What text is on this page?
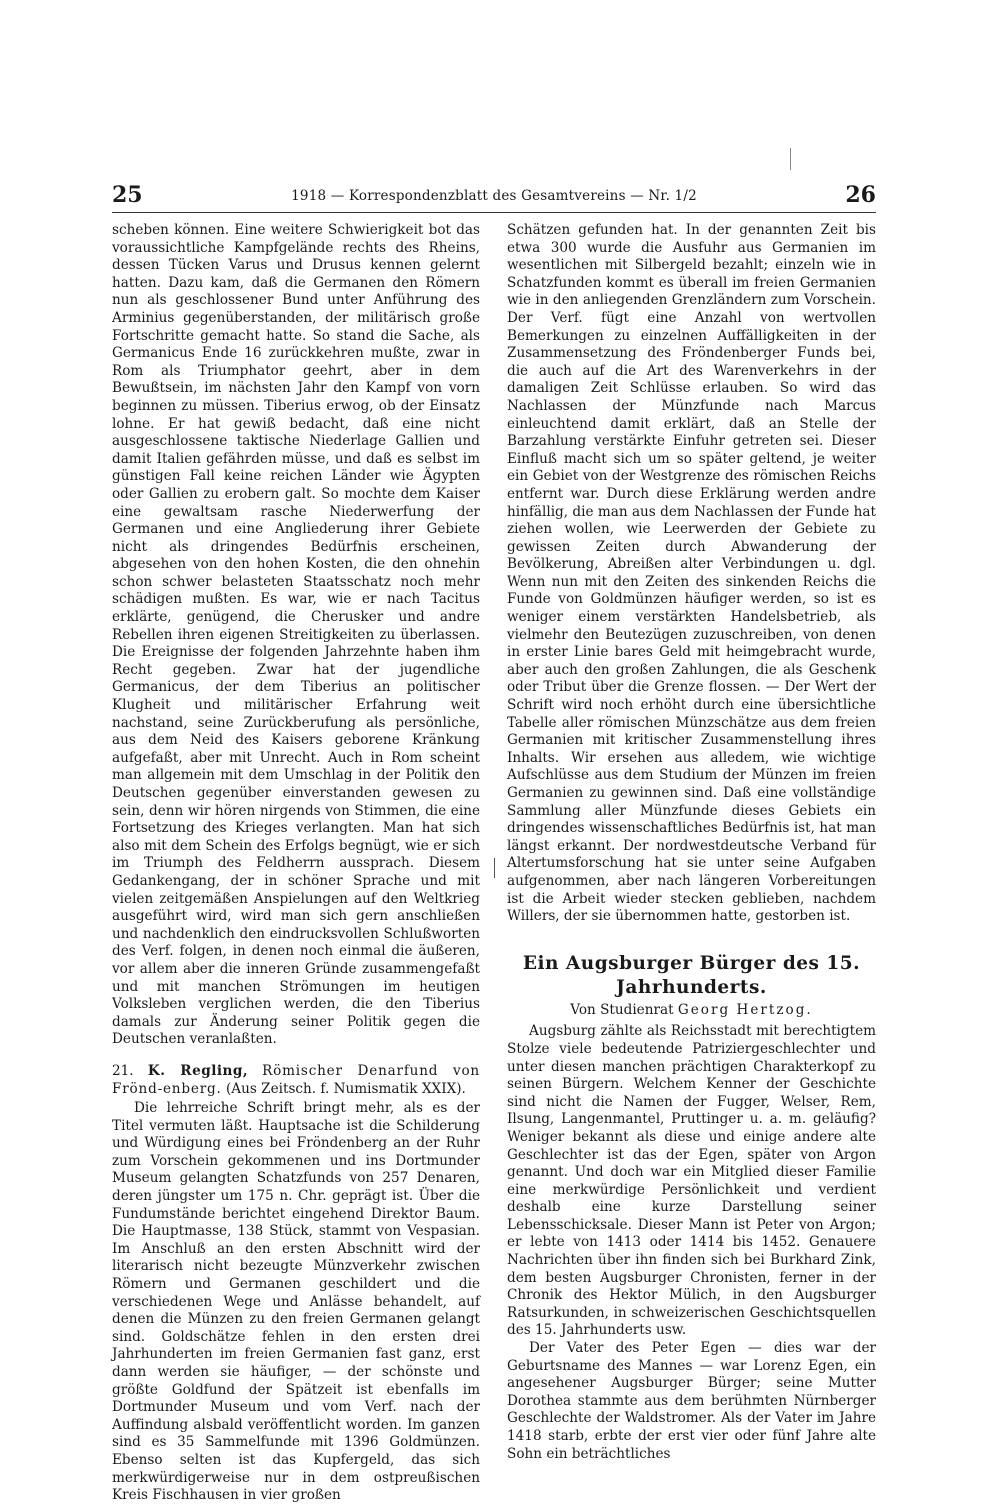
25	1918 — Korrespondenzblatt des Gesamtvereins — Nr. 1/2	26

scheben können. Eine weitere Schwierigkeit bot das voraussichtliche Kampfgelände rechts des Rheins, dessen Tücken Varus und Drusus kennen gelernt hatten. Dazu kam, daß die Germanen den Römern nun als geschlossener Bund unter Anführung des Arminius gegenüberstanden, der militärisch große Fortschritte gemacht hatte. So stand die Sache, als Germanicus Ende 16 zurückkehren mußte, zwar in Rom als Triumphator geehrt, aber in dem Bewußtsein, im nächsten Jahr den Kampf von vorn beginnen zu müssen. Tiberius erwog, ob der Einsatz lohne. Er hat gewiß bedacht, daß eine nicht ausgeschlossene taktische Niederlage Gallien und damit Italien gefährden müsse, und daß es selbst im günstigen Fall keine reichen Länder wie Ägypten oder Gallien zu erobern galt. So mochte dem Kaiser eine gewaltsam rasche Niederwerfung der Germanen und eine Angliederung ihrer Gebiete nicht als dringendes Bedürfnis erscheinen, abgesehen von den hohen Kosten, die den ohnehin schon schwer belasteten Staatsschatz noch mehr schädigen mußten. Es war, wie er nach Tacitus erklärte, genügend, die Cherusker und andre Rebellen ihren eigenen Streitigkeiten zu überlassen. Die Ereignisse der folgenden Jahrzehnte haben ihm Recht gegeben. Zwar hat der jugendliche Germanicus, der dem Tiberius an politischer Klugheit und militärischer Erfahrung weit nachstand, seine Zurückberufung als persönliche, aus dem Neid des Kaisers geborene Kränkung aufgefaßt, aber mit Unrecht. Auch in Rom scheint man allgemein mit dem Umschlag in der Politik den Deutschen gegenüber einverstanden gewesen zu sein, denn wir hören nirgends von Stimmen, die eine Fortsetzung des Krieges verlangten. Man hat sich also mit dem Schein des Erfolgs begnügt, wie er sich im Triumph des Feldherrn aussprach. Diesem Gedankengang, der in schöner Sprache und mit vielen zeitgemäßen Anspielungen auf den Weltkrieg ausgeführt wird, wird man sich gern anschließen und nachdenklich den eindrucksvollen Schlußworten des Verf. folgen, in denen noch einmal die äußeren, vor allem aber die inneren Gründe zusammengefaßt und mit manchen Strömungen im heutigen Volksleben verglichen werden, die den Tiberius damals zur Änderung seiner Politik gegen die Deutschen veranlaßten.

21. K. Regling, Römischer Denarfund von Frönd-enberg. (Aus Zeitsch. f. Numismatik XXIX).

Die lehrreiche Schrift bringt mehr, als es der Titel vermuten läßt. Hauptsache ist die Schilderung und Würdigung eines bei Fröndenberg an der Ruhr zum Vorschein gekommenen und ins Dortmunder Museum gelangten Schatzfunds von 257 Denaren, deren jüngster um 175 n. Chr. geprägt ist. Über die Fundumstände berichtet eingehend Direktor Baum. Die Hauptmasse, 138 Stück, stammt von Vespasian. Im Anschluß an den ersten Abschnitt wird der literarisch nicht bezeugte Münzverkehr zwischen Römern und Germanen geschildert und die verschiedenen Wege und Anlässe behandelt, auf denen die Münzen zu den freien Germanen gelangt sind. Goldschätze fehlen in den ersten drei Jahrhunderten im freien Germanien fast ganz, erst dann werden sie häufiger, — der schönste und größte Goldfund der Spätzeit ist ebenfalls im Dortmunder Museum und vom Verf. nach der Auffindung alsbald veröffentlicht worden. Im ganzen sind es 35 Sammelfunde mit 1396 Goldmünzen. Ebenso selten ist das Kupfergeld, das sich merkwürdigerweise nur in dem ostpreußischen Kreis Fischhausen in vier großen

Schätzen gefunden hat. In der genannten Zeit bis etwa 300 wurde die Ausfuhr aus Germanien im wesentlichen mit Silbergeld bezahlt; einzeln wie in Schatzfunden kommt es überall im freien Germanien wie in den anliegenden Grenzländern zum Vorschein. Der Verf. fügt eine Anzahl von wertvollen Bemerkungen zu einzelnen Auffälligkeiten in der Zusammensetzung des Fröndenberger Funds bei, die auch auf die Art des Warenverkehrs in der damaligen Zeit Schlüsse erlauben. So wird das Nachlassen der Münzfunde nach Marcus einleuchtend damit erklärt, daß an Stelle der Barzahlung verstärkte Einfuhr getreten sei. Dieser Einfluß macht sich um so später geltend, je weiter ein Gebiet von der Westgrenze des römischen Reichs entfernt war. Durch diese Erklärung werden andre hinfällig, die man aus dem Nachlassen der Funde hat ziehen wollen, wie Leerwerden der Gebiete zu gewissen Zeiten durch Abwanderung der Bevölkerung, Abreißen alter Verbindungen u. dgl. Wenn nun mit den Zeiten des sinkenden Reichs die Funde von Goldmünzen häufiger werden, so ist es weniger einem verstärkten Handelsbetrieb, als vielmehr den Beutezügen zuzuschreiben, von denen in erster Linie bares Geld mit heimgebracht wurde, aber auch den großen Zahlungen, die als Geschenk oder Tribut über die Grenze flossen. — Der Wert der Schrift wird noch erhöht durch eine übersichtliche Tabelle aller römischen Münzschätze aus dem freien Germanien mit kritischer Zusammenstellung ihres Inhalts. Wir ersehen aus alledem, wie wichtige Aufschlüsse aus dem Studium der Münzen im freien Germanien zu gewinnen sind. Daß eine vollständige Sammlung aller Münzfunde dieses Gebiets ein dringendes wissenschaftliches Bedürfnis ist, hat man längst erkannt. Der nordwestdeutsche Verband für Altertumsforschung hat sie unter seine Aufgaben aufgenommen, aber nach längeren Vorbereitungen ist die Arbeit wieder stecken geblieben, nachdem Willers, der sie übernommen hatte, gestorben ist.

Ein Augsburger Bürger des 15. Jahrhunderts.

Von Studienrat Georg Hertzog.

Augsburg zählte als Reichsstadt mit berechtigtem Stolze viele bedeutende Patriziergeschlechter und unter diesen manchen prächtigen Charakterkopf zu seinen Bürgern. Welchem Kenner der Geschichte sind nicht die Namen der Fugger, Welser, Rem, Ilsung, Langenmantel, Pruttinger u. a. m. geläufig? Weniger bekannt als diese und einige andere alte Geschlechter ist das der Egen, später von Argon genannt. Und doch war ein Mitglied dieser Familie eine merkwürdige Persönlichkeit und verdient deshalb eine kurze Darstellung seiner Lebensschicksale. Dieser Mann ist Peter von Argon; er lebte von 1413 oder 1414 bis 1452. Genauere Nachrichten über ihn finden sich bei Burkhard Zink, dem besten Augsburger Chronisten, ferner in der Chronik des Hektor Mülich, in den Augsburger Ratsurkunden, in schweizerischen Geschichtsquellen des 15. Jahrhunderts usw.

Der Vater des Peter Egen — dies war der Geburtsname des Mannes — war Lorenz Egen, ein angesehener Augsburger Bürger; seine Mutter Dorothea stammte aus dem berühmten Nürnberger Geschlechte der Waldstromer. Als der Vater im Jahre 1418 starb, erbte der erst vier oder fünf Jahre alte Sohn ein beträchtliches
